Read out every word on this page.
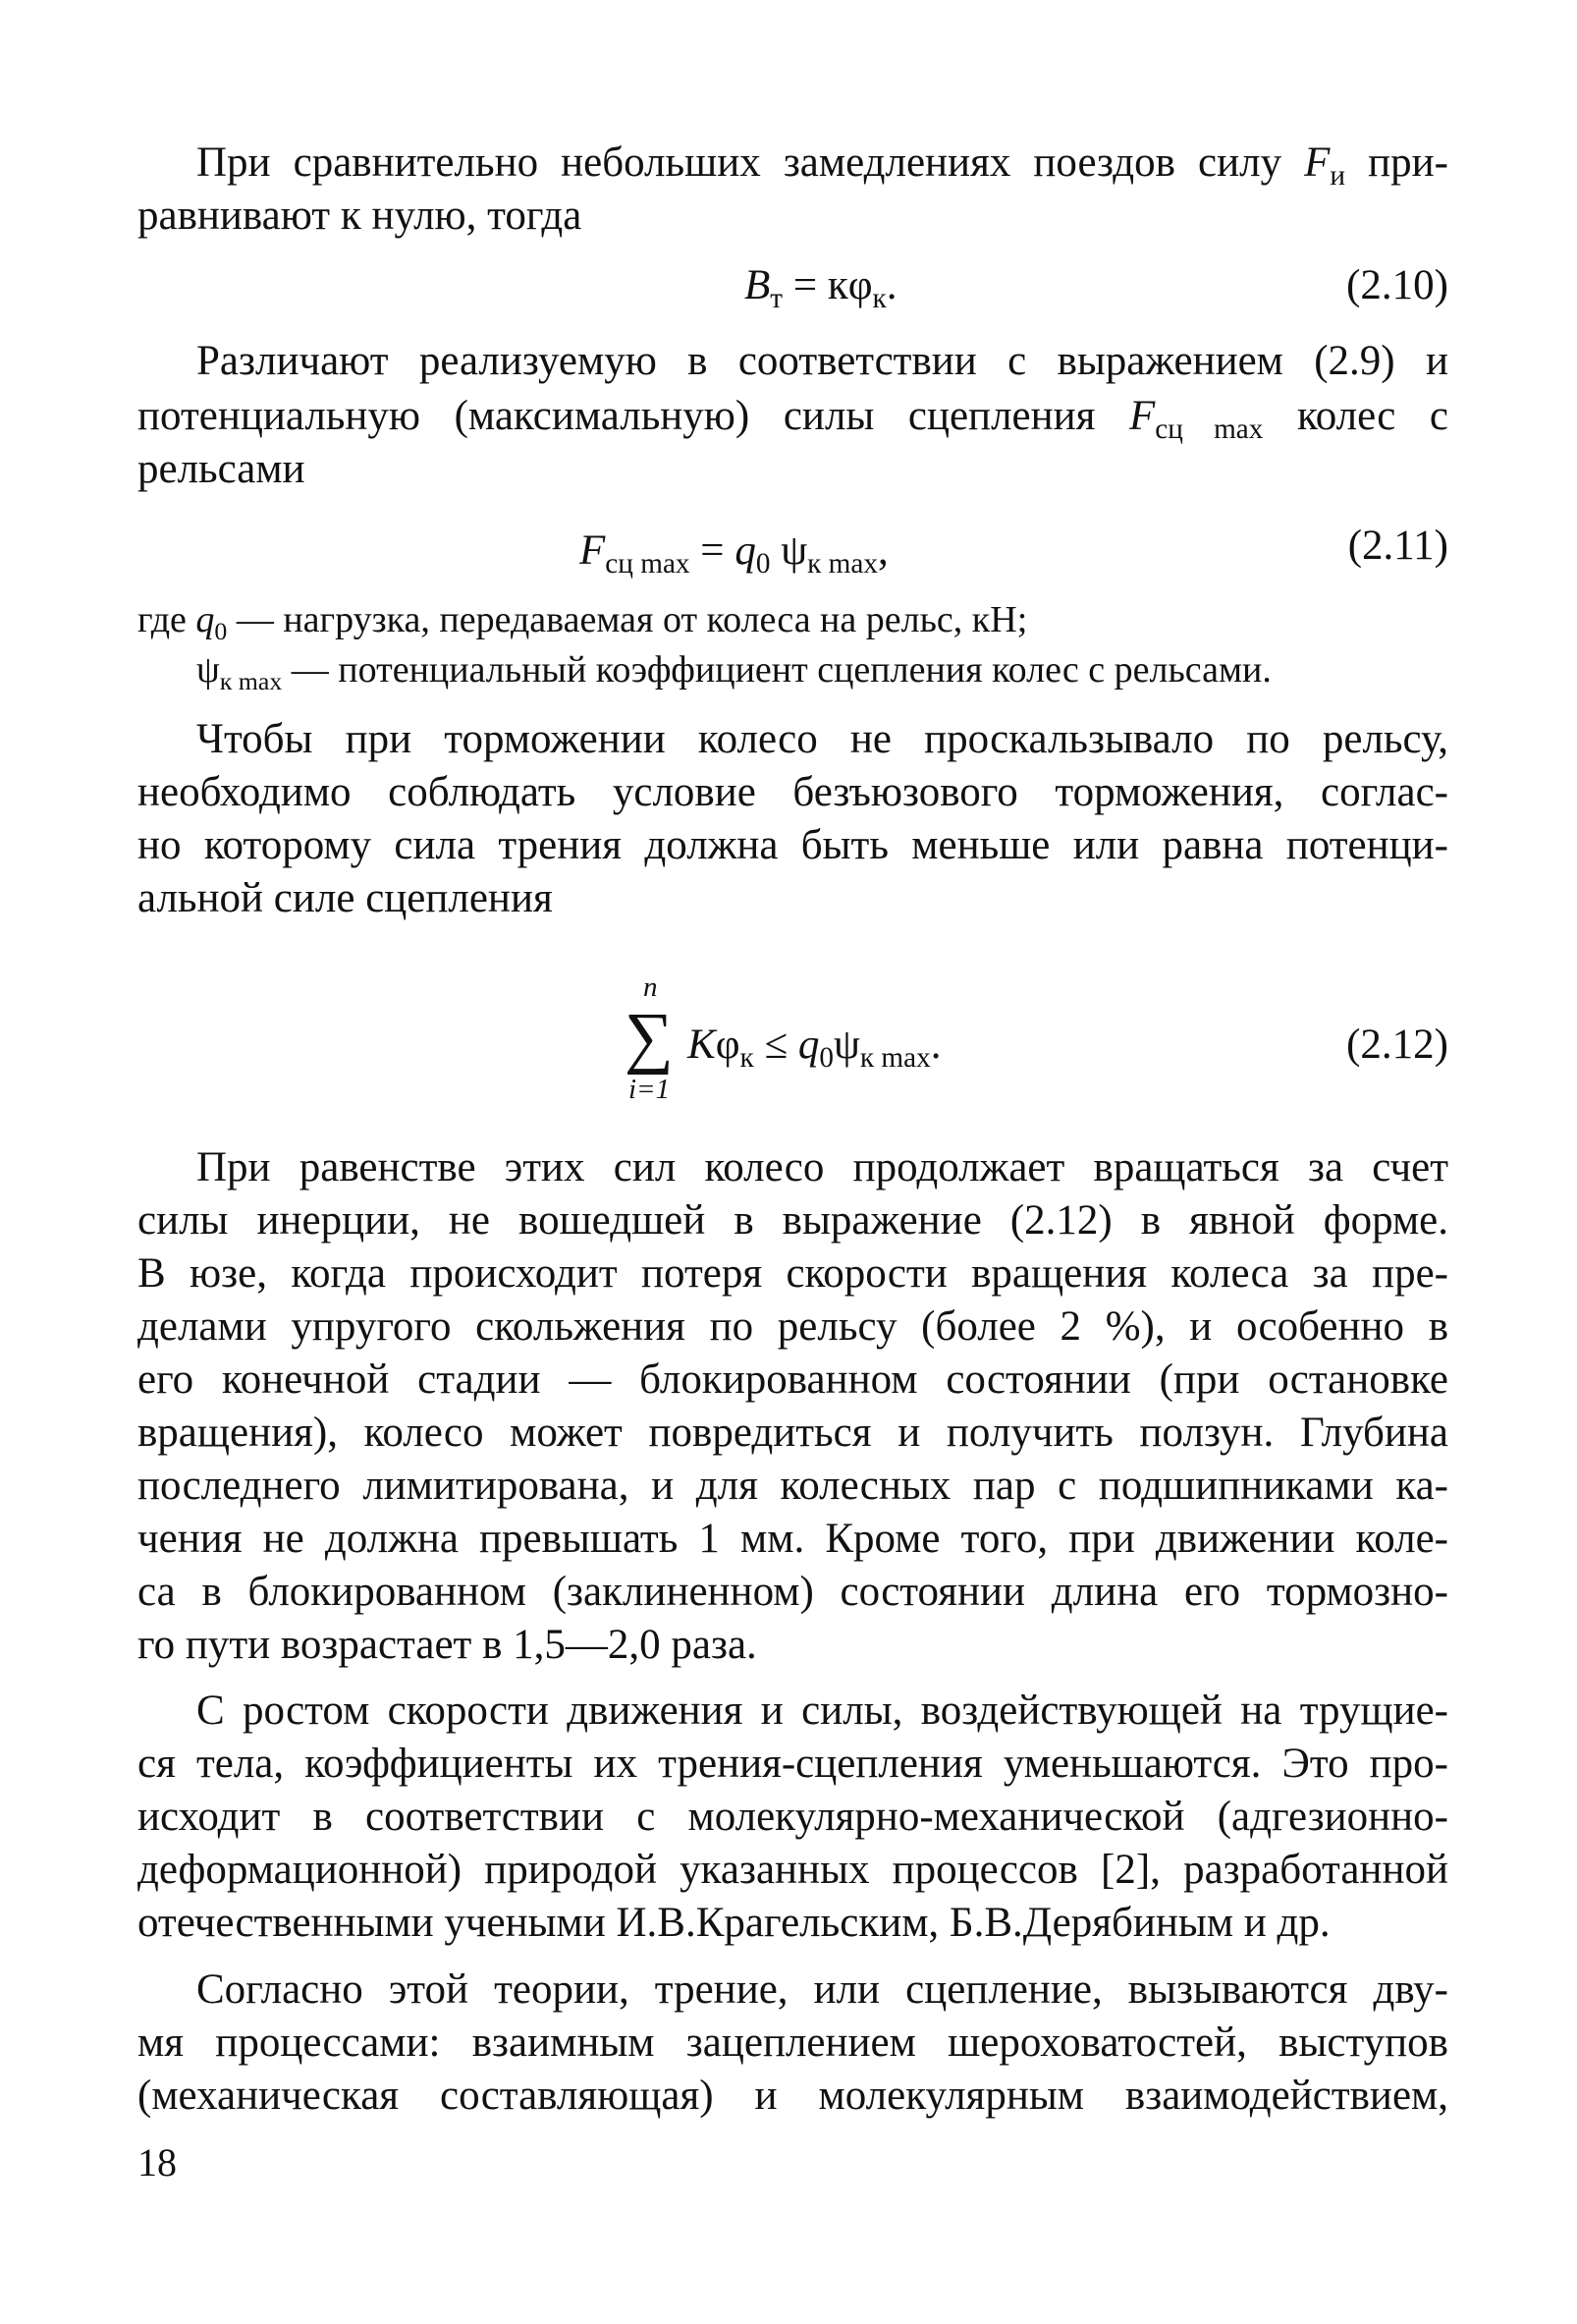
При сравнительно небольших замедлениях поездов силу $F_и$ при-
равнивают к нулю, тогда
$B_т = к\varphi_к$.	(2.10)
Различают реализуемую в соответствии с выражением (2.9) и
потенциальную (максимальную) силы сцепления $F_{сц max}$ колес с
рельсами
$F_{сц max} = q_0$ $\psi_{к max}$,	(2.11)
где $q_0$ — нагрузка, передаваемая от колеса на рельс, кН;
$\psi_{к max}$ — потенциальный коэффициент сцепления колес с рельсами.
Чтобы при торможении колесо не проскальзывало по рельсу,
необходимо соблюдать условие безъюзового торможения, соглас-
но которому сила трения должна быть меньше или равна потенци-
альной силе сцепления
n
∑
i=1
$K\varphi_к \le q_0\psi_{к max}$.	(2.12)
При равенстве этих сил колесо продолжает вращаться за счет
силы инерции, не вошедшей в выражение (2.12) в явной форме.
В юзе, когда происходит потеря скорости вращения колеса за пре-
делами упругого скольжения по рельсу (более 2 %), и особенно в
его конечной стадии — блокированном состоянии (при остановке
вращения), колесо может повредиться и получить ползун. Глубина
последнего лимитирована, и для колесных пар с подшипниками ка-
чения не должна превышать 1 мм. Кроме того, при движении коле-
са в блокированном (заклиненном) состоянии длина его тормозно-
го пути возрастает в 1,5—2,0 раза.
С ростом скорости движения и силы, воздействующей на трущие-
ся тела, коэффициенты их трения-сцепления уменьшаются. Это про-
исходит в соответствии с молекулярно-механической (адгезионно-
деформационной) природой указанных процессов [2], разработанной
отечественными учеными И.В.Крагельским, Б.В.Дерябиным и др.
Согласно этой теории, трение, или сцепление, вызываются дву-
мя процессами: взаимным зацеплением шероховатостей, выступов
(механическая составляющая) и молекулярным взаимодействием,
18
